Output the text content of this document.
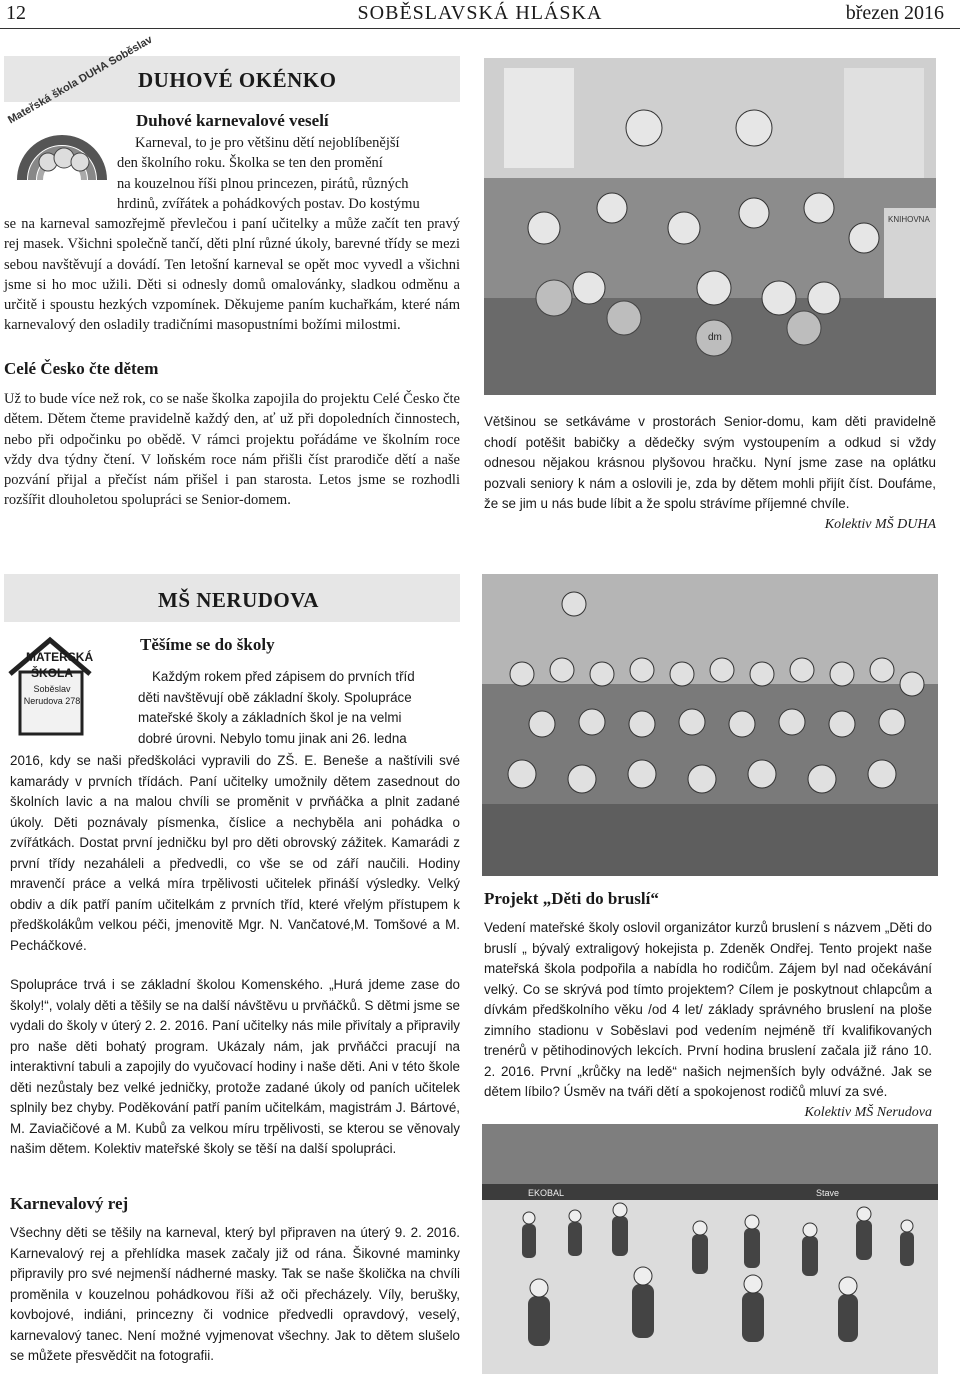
12	SOBĚSLAVSKÁ HLÁSKA	březen 2016
DUHOVÉ OKÉNKO
Mateřská škola DUHA Soběslav
Duhové karnevalové veselí

Karneval, to je pro většinu dětí nejoblíbenější

den školního roku. Školka se ten den promění

na kouzelnou říši plnou princezen, pirátů, různých

hrdinů, zvířátek a pohádkových postav. Do kostýmu

se na karneval samozřejmě převlečou i paní učitelky a může začít ten pravý rej masek. Všichni společně tančí, děti plní různé úkoly, barevné třídy se mezi sebou navštěvují a dovádí. Ten letošní karneval se opět moc vyvedl a všichni jsme si ho moc užili. Děti si odnesly domů omalovánky, sladkou odměnu a určitě i spoustu hezkých vzpomínek. Děkujeme paním kuchařkám, které nám karnevalový den osladily tradičními masopustními božími milostmi.

Celé Česko čte dětem

Už to bude více než rok, co se naše školka zapojila do projektu Celé Česko čte dětem. Dětem čteme pravidelně každý den, ať už při dopoledních činnostech, nebo při odpočinku po obědě. V rámci projektu pořádáme ve školním roce vždy dva týdny čtení. V loňském roce nám přišli číst prarodiče dětí a naše pozvání přijal a přečíst nám přišel i pan starosta. Letos jsme se rozhodli rozšířit dlouholetou spolupráci se Senior-domem.

KNIHOVNA
dm

Většinou se setkáváme v prostorách Senior-domu, kam děti pravidelně chodí potěšit babičky a dědečky svým vystoupením a odkud si vždy odnesou nějakou krásnou plyšovou hračku. Nyní jsme zase na oplátku pozvali seniory k nám a oslovili je, zda by dětem mohli přijít číst. Doufáme, že se jim u nás bude líbit a že spolu strávíme příjemné chvíle.
Kolektiv MŠ DUHA

MŠ NERUDOVA
MATEŘSKÁ
ŠKOLA
Soběslav
Nerudova 278
Těšíme se do školy

Každým rokem před zápisem do prvních tříd

děti navštěvují obě základní školy. Spolupráce

mateřské školy a základních škol je na velmi

dobré úrovni. Nebylo tomu jinak ani 26. ledna

2016, kdy se naši předškoláci vypravili do ZŠ. E. Beneše a naštívili své kamarády v prvních třídách. Paní učitelky umožnily dětem zasednout do školních lavic a na malou chvíli se proměnit v prvňáčka a plnit zadané úkoly. Děti poznávaly písmenka, číslice a nechyběla ani pohádka o zvířátkách. Dostat první jedničku byl pro děti obrovský zážitek. Kamarádi z první třídy nezaháleli a předvedli, co vše se od září naučili. Hodiny mravenčí práce a velká míra trpělivosti učitelek přináší výsledky. Velký obdiv a dík patří paním učitelkám z prvních tříd, které vřelým přístupem k předškolákům velkou péči, jmenovitě Mgr. N. Vančatové,M. Tomšové a M. Pecháčkové.

Spolupráce trvá i se základní školou Komenského. „Hurá jdeme zase do školy!“, volaly děti a těšily se na další návštěvu u prvňáčků. S dětmi jsme se vydali do školy v úterý 2. 2. 2016. Paní učitelky nás mile přivítaly a připravily pro naše děti bohatý program. Ukázaly nám, jak prvňáčci pracují na interaktivní tabuli a zapojily do vyučovací hodiny i naše děti. Ani v této škole děti nezůstaly bez velké jedničky, protože zadané úkoly od paních učitelek splnily bez chyby. Poděkování patří paním učitelkám, magistrám J. Bártové, M. Zaviačičové a M. Kubů za velkou míru trpělivosti, se kterou se věnovaly našim dětem. Kolektiv mateřské školy se těší na další spolupráci.

Karnevalový rej

Všechny děti se těšily na karneval, který byl připraven na úterý 9. 2. 2016. Karnevalový rej a přehlídka masek začaly již od rána. Šikovné maminky připravily pro své nejmenší nádherné masky. Tak se naše školička na chvíli proměnila v kouzelnou pohádkovou říši až oči přecházely. Víly, berušky, kovbojové, indiáni, princezny či vodnice předvedli opravdový, veselý, karnevalový tanec. Není možné vyjmenovat všechny. Jak to dětem slušelo se můžete přesvědčit na fotografii.

Projekt „Děti do bruslí“

Vedení mateřské školy oslovil organizátor kurzů bruslení s názvem „Děti do bruslí „ bývalý extraligový hokejista p. Zdeněk Ondřej. Tento projekt naše mateřská škola podpořila a nabídla ho rodičům. Zájem byl nad očekávání velký. Co se skrývá pod tímto projektem? Cílem je poskytnout chlapcům a dívkám předškolního věku /od 4 let/ základy správného bruslení na ploše zimního stadionu v Soběslavi pod vedením nejméně tří kvalifikovaných trenérů v pětihodinových lekcích. První hodina bruslení začala již ráno 10. 2. 2016. První „krůčky na ledě“ našich nejmenších byly odvážné. Jak se dětem líbilo? Úsměv na tváři dětí a spokojenost rodičů mluví za své.
Kolektiv MŠ Nerudova

EKOBAL	Stave
